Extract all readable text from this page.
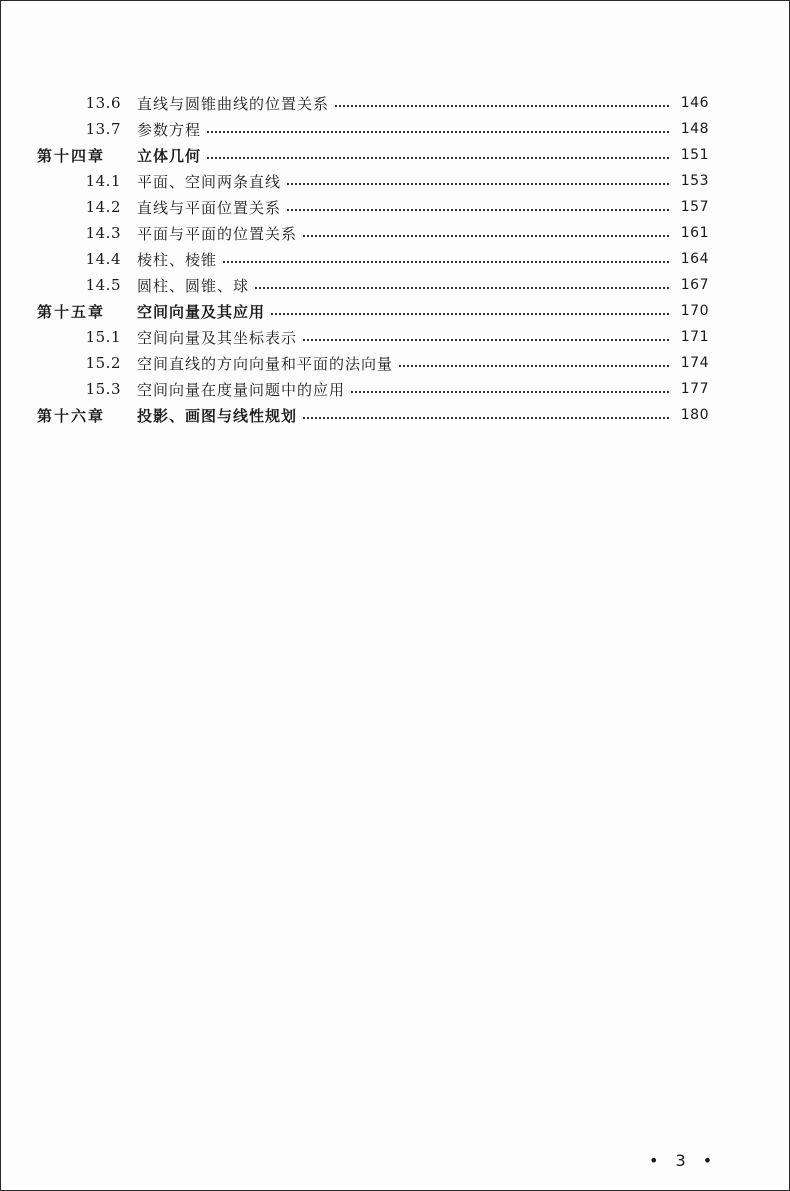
13.6	直线与圆锥曲线的位置关系	146
13.7	参数方程	148
第十四章	立体几何	151
14.1	平面、空间两条直线	153
14.2	直线与平面位置关系	157
14.3	平面与平面的位置关系	161
14.4	棱柱、棱锥	164
14.5	圆柱、圆锥、球	167
第十五章	空间向量及其应用	170
15.1	空间向量及其坐标表示	171
15.2	空间直线的方向向量和平面的法向量	174
15.3	空间向量在度量问题中的应用	177
第十六章	投影、画图与线性规划	180
• 3 •
